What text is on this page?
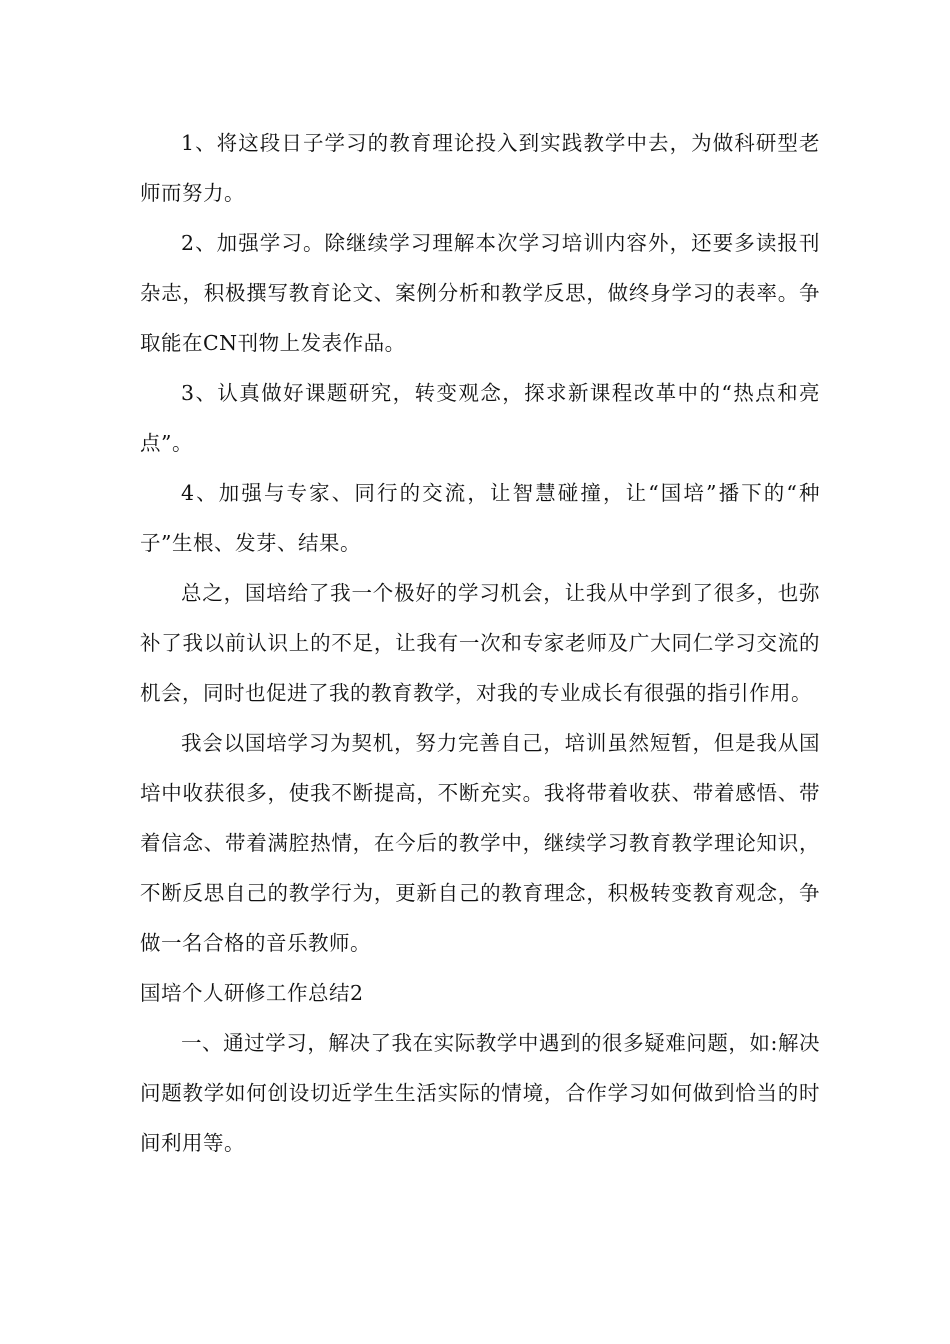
1、将这段日子学习的教育理论投入到实践教学中去，为做科研型老师而努力。

2、加强学习。除继续学习理解本次学习培训内容外，还要多读报刊杂志，积极撰写教育论文、案例分析和教学反思，做终身学习的表率。争取能在CN刊物上发表作品。

3、认真做好课题研究，转变观念，探求新课程改革中的“热点和亮点”。

4、加强与专家、同行的交流，让智慧碰撞，让“国培”播下的“种子”生根、发芽、结果。

总之，国培给了我一个极好的学习机会，让我从中学到了很多，也弥补了我以前认识上的不足，让我有一次和专家老师及广大同仁学习交流的机会，同时也促进了我的教育教学，对我的专业成长有很强的指引作用。

我会以国培学习为契机，努力完善自己，培训虽然短暂，但是我从国培中收获很多，使我不断提高，不断充实。我将带着收获、带着感悟、带着信念、带着满腔热情，在今后的教学中，继续学习教育教学理论知识，不断反思自己的教学行为，更新自己的教育理念，积极转变教育观念，争做一名合格的音乐教师。

国培个人研修工作总结2

一、通过学习，解决了我在实际教学中遇到的很多疑难问题，如:解决问题教学如何创设切近学生生活实际的情境，合作学习如何做到恰当的时间利用等。
